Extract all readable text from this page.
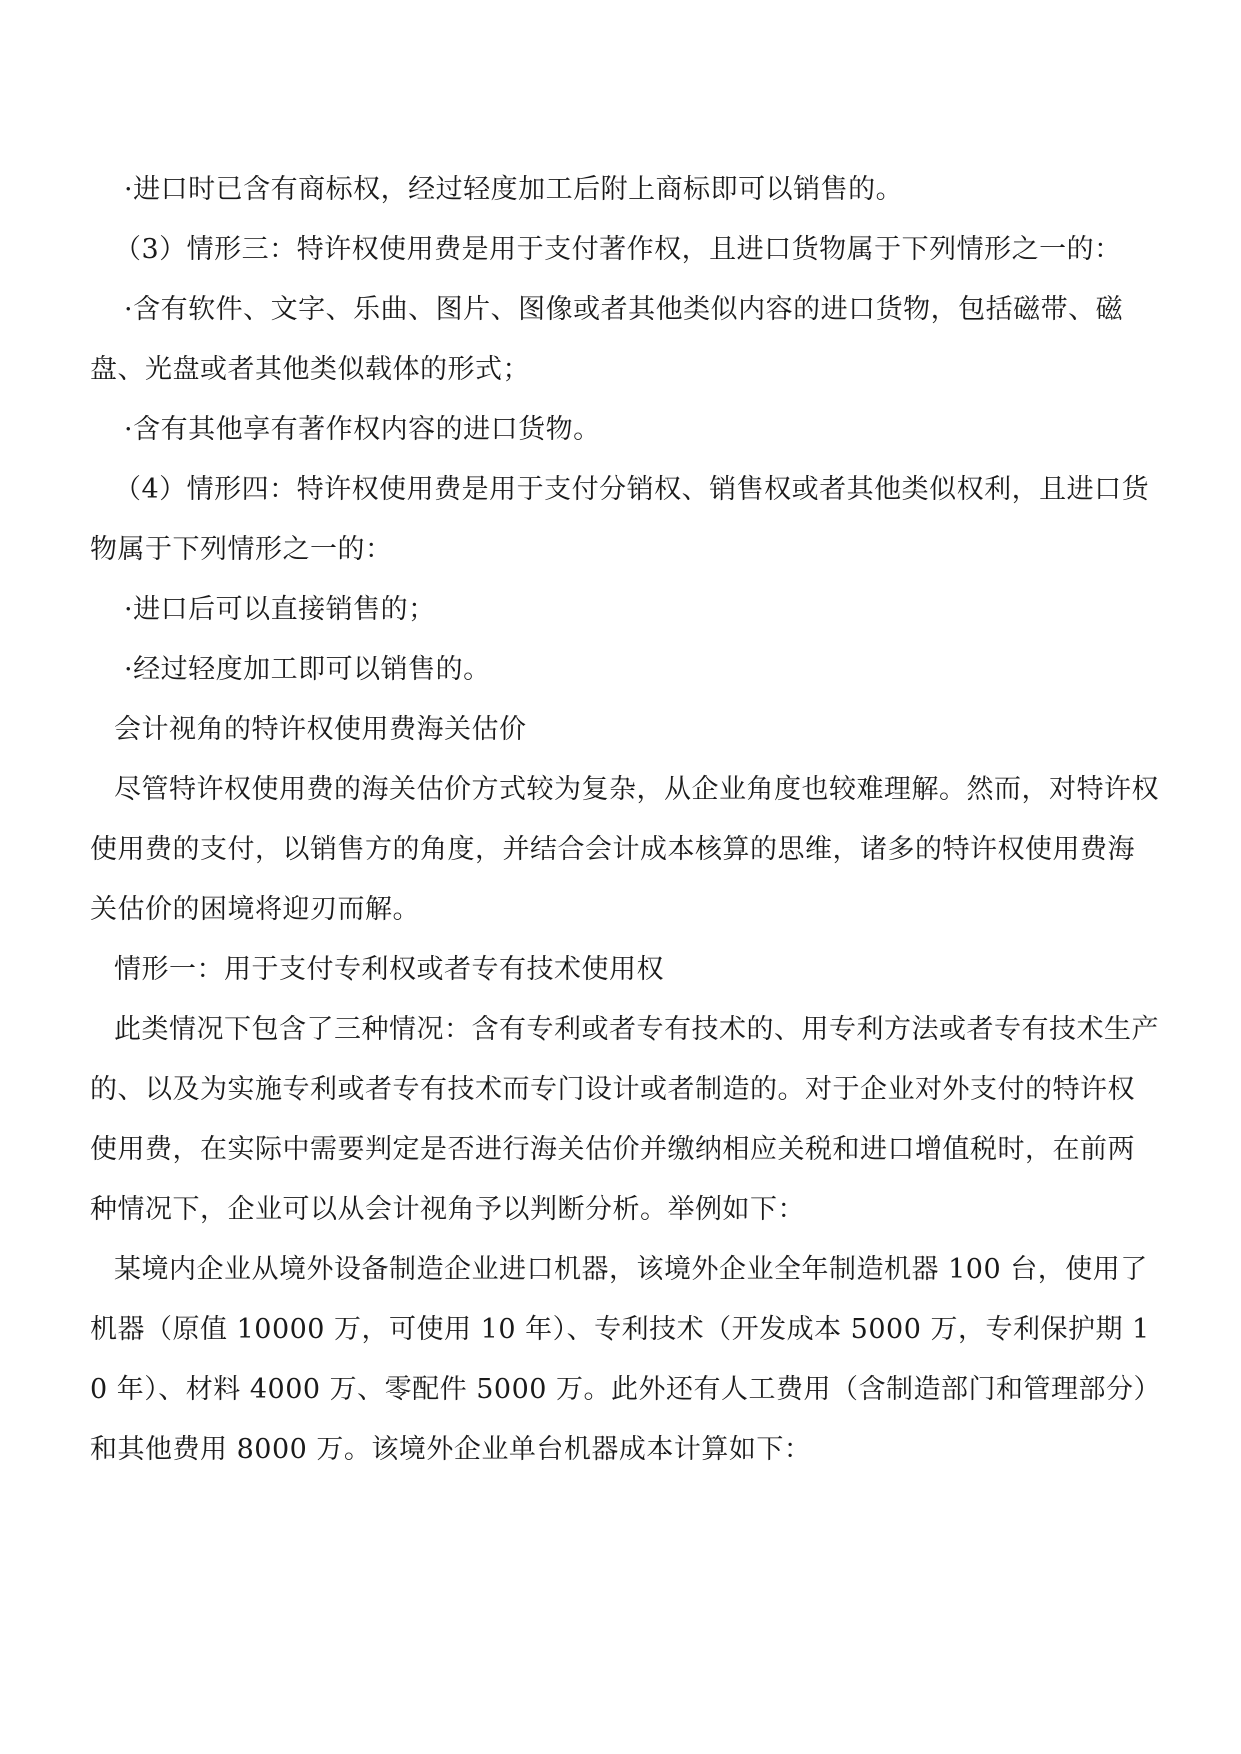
·进口时已含有商标权，经过轻度加工后附上商标即可以销售的。

（3）情形三：特许权使用费是用于支付著作权，且进口货物属于下列情形之一的：

·含有软件、文字、乐曲、图片、图像或者其他类似内容的进口货物，包括磁带、磁盘、光盘或者其他类似载体的形式；

·含有其他享有著作权内容的进口货物。

（4）情形四：特许权使用费是用于支付分销权、销售权或者其他类似权利，且进口货物属于下列情形之一的：

·进口后可以直接销售的；

·经过轻度加工即可以销售的。

会计视角的特许权使用费海关估价

尽管特许权使用费的海关估价方式较为复杂，从企业角度也较难理解。然而，对特许权使用费的支付，以销售方的角度，并结合会计成本核算的思维，诸多的特许权使用费海关估价的困境将迎刃而解。

情形一：用于支付专利权或者专有技术使用权

此类情况下包含了三种情况：含有专利或者专有技术的、用专利方法或者专有技术生产的、以及为实施专利或者专有技术而专门设计或者制造的。对于企业对外支付的特许权使用费，在实际中需要判定是否进行海关估价并缴纳相应关税和进口增值税时，在前两种情况下，企业可以从会计视角予以判断分析。举例如下：

某境内企业从境外设备制造企业进口机器，该境外企业全年制造机器 100 台，使用了机器（原值 10000 万，可使用 10 年）、专利技术（开发成本 5000 万，专利保护期 10 年）、材料 4000 万、零配件 5000 万。此外还有人工费用（含制造部门和管理部分）和其他费用 8000 万。该境外企业单台机器成本计算如下：
